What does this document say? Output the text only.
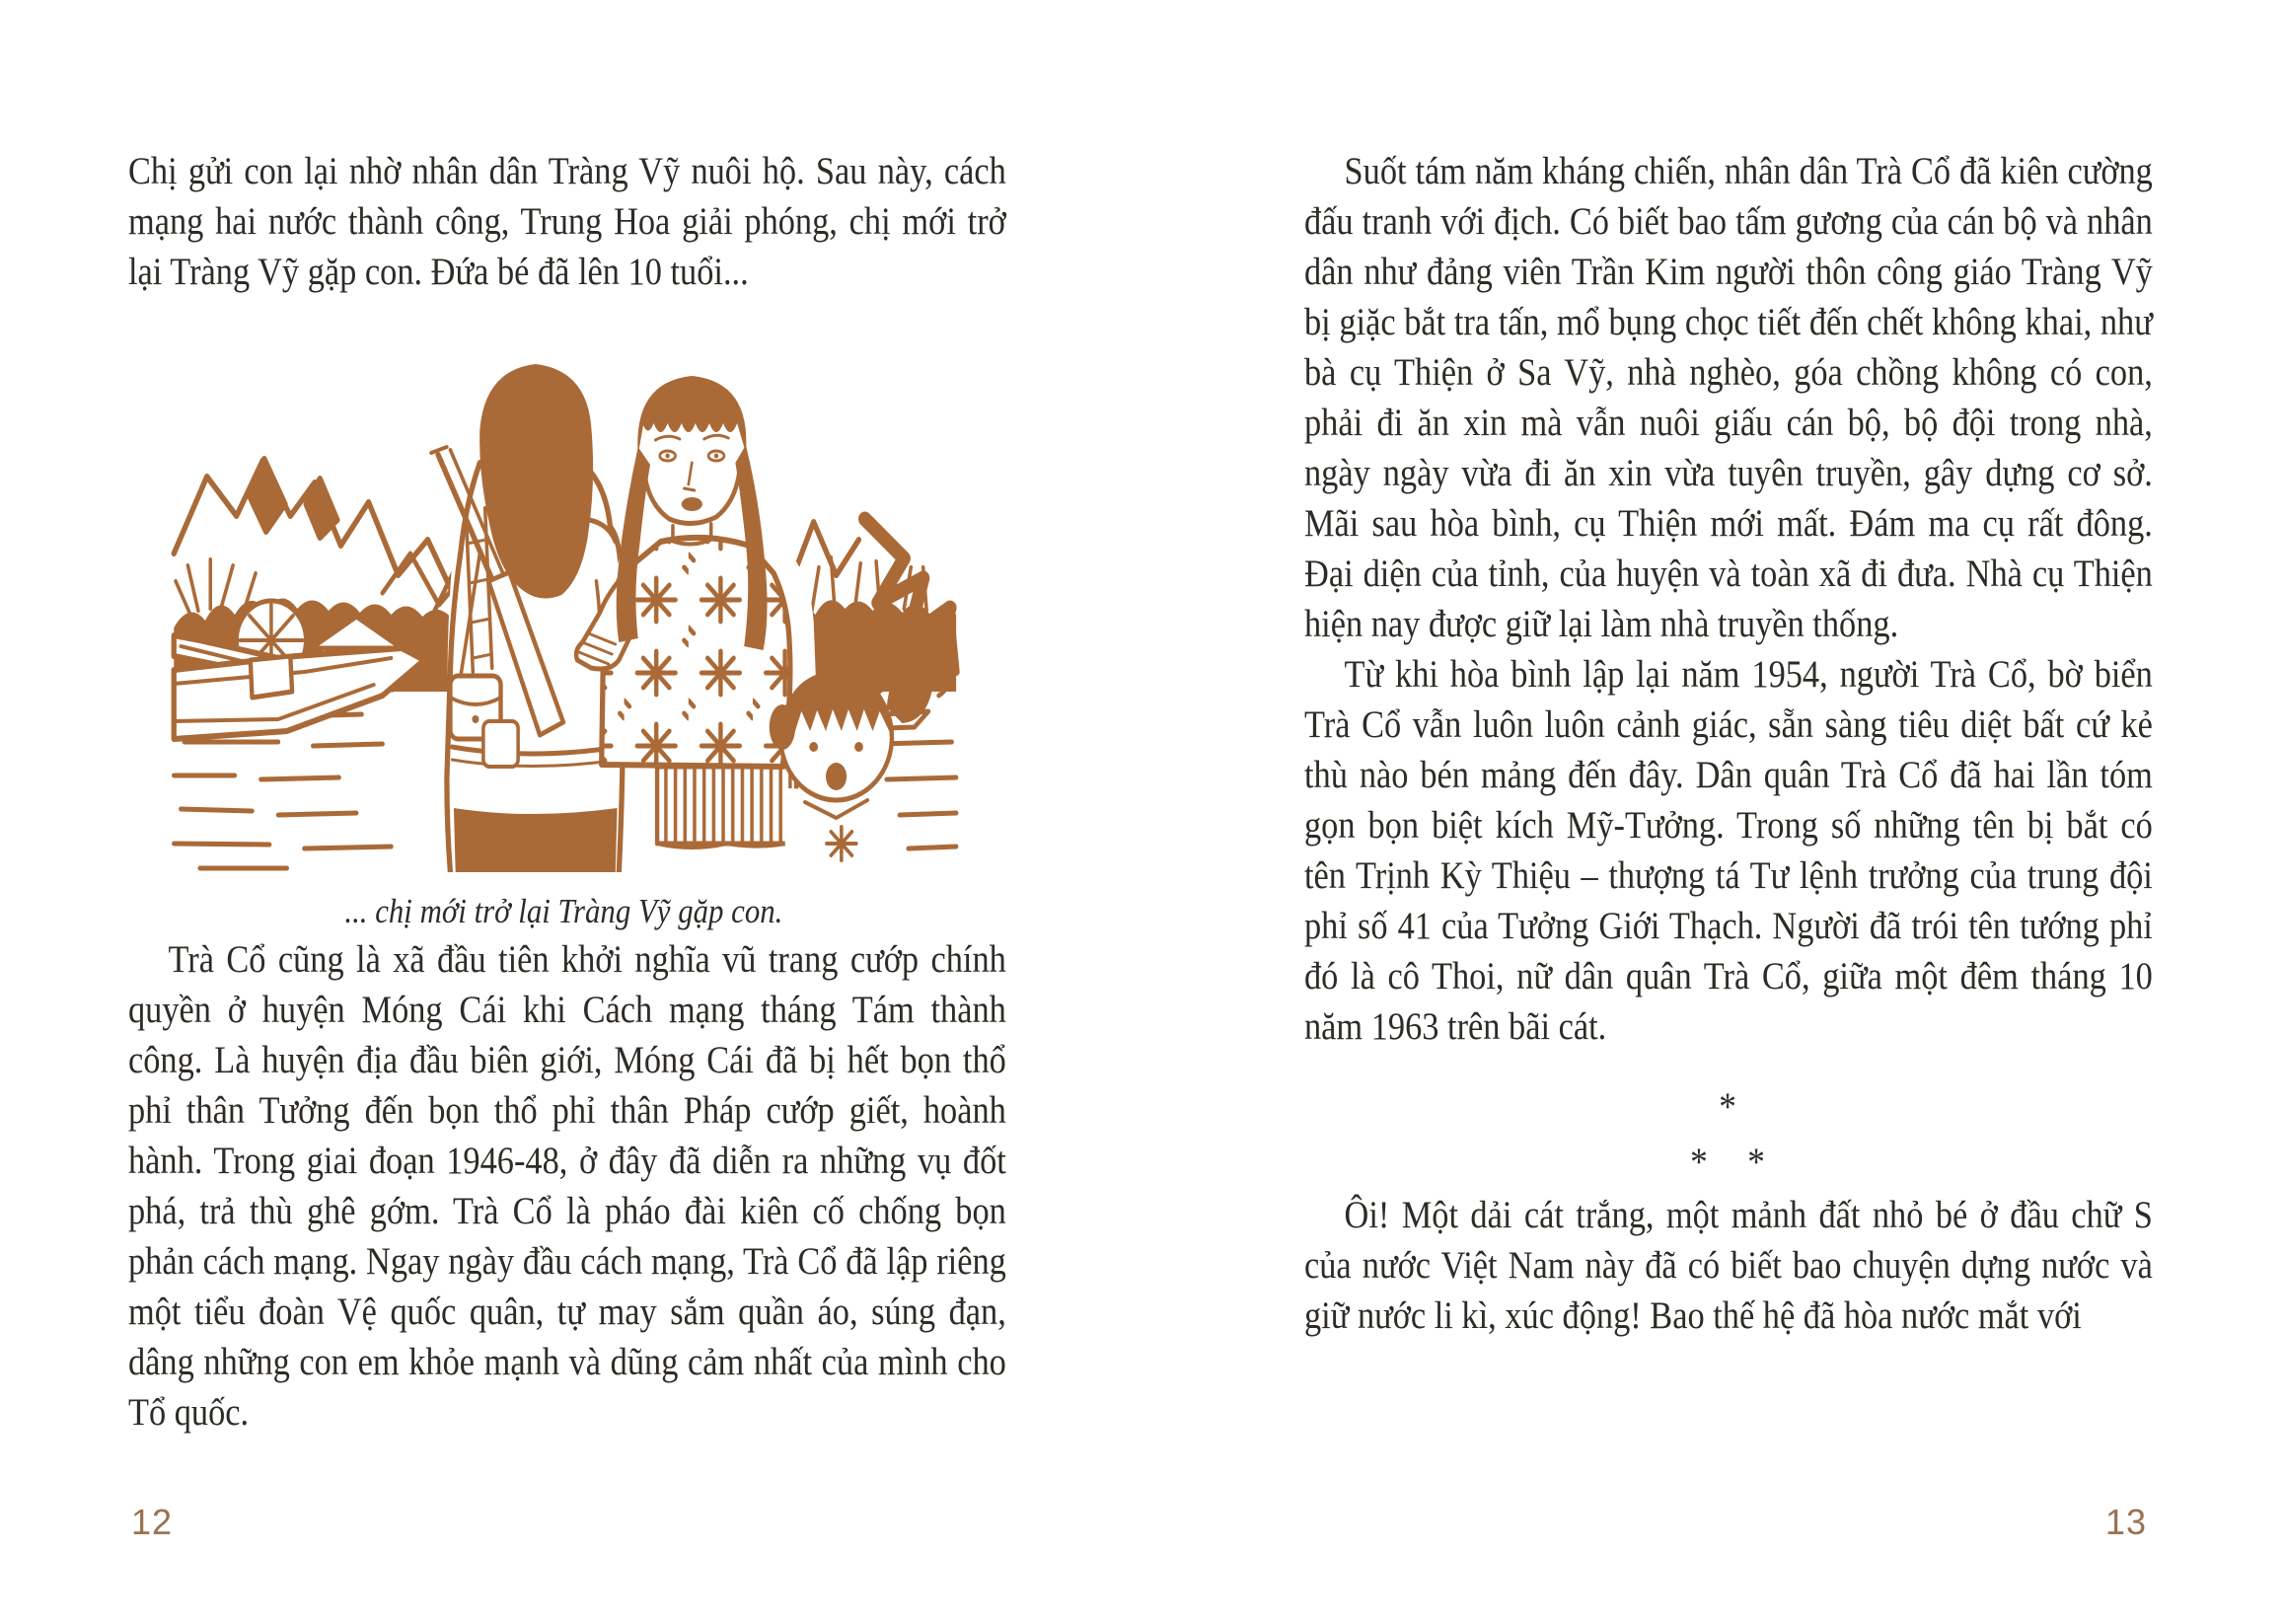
Chị gửi con lại nhờ nhân dân Tràng Vỹ nuôi hộ. Sau này, cách mạng hai nước thành công, Trung Hoa giải phóng, chị mới trở lại Tràng Vỹ gặp con. Đứa bé đã lên 10 tuổi...

... chị mới trở lại Tràng Vỹ gặp con.

Trà Cổ cũng là xã đầu tiên khởi nghĩa vũ trang cướp chính quyền ở huyện Móng Cái khi Cách mạng tháng Tám thành công. Là huyện địa đầu biên giới, Móng Cái đã bị hết bọn thổ phỉ thân Tưởng đến bọn thổ phỉ thân Pháp cướp giết, hoành hành. Trong giai đoạn 1946-48, ở đây đã diễn ra những vụ đốt phá, trả thù ghê gớm. Trà Cổ là pháo đài kiên cố chống bọn phản cách mạng. Ngay ngày đầu cách mạng, Trà Cổ đã lập riêng một tiểu đoàn Vệ quốc quân, tự may sắm quần áo, súng đạn, dâng những con em khỏe mạnh và dũng cảm nhất của mình cho Tổ quốc.

Suốt tám năm kháng chiến, nhân dân Trà Cổ đã kiên cường đấu tranh với địch. Có biết bao tấm gương của cán bộ và nhân dân như đảng viên Trần Kim người thôn công giáo Tràng Vỹ bị giặc bắt tra tấn, mổ bụng chọc tiết đến chết không khai, như bà cụ Thiện ở Sa Vỹ, nhà nghèo, góa chồng không có con, phải đi ăn xin mà vẫn nuôi giấu cán bộ, bộ đội trong nhà, ngày ngày vừa đi ăn xin vừa tuyên truyền, gây dựng cơ sở. Mãi sau hòa bình, cụ Thiện mới mất. Đám ma cụ rất đông. Đại diện của tỉnh, của huyện và toàn xã đi đưa. Nhà cụ Thiện hiện nay được giữ lại làm nhà truyền thống.

Từ khi hòa bình lập lại năm 1954, người Trà Cổ, bờ biển Trà Cổ vẫn luôn luôn cảnh giác, sẵn sàng tiêu diệt bất cứ kẻ thù nào bén mảng đến đây. Dân quân Trà Cổ đã hai lần tóm gọn bọn biệt kích Mỹ-Tưởng. Trong số những tên bị bắt có tên Trịnh Kỳ Thiệu – thượng tá Tư lệnh trưởng của trung đội phỉ số 41 của Tưởng Giới Thạch. Người đã trói tên tướng phỉ đó là cô Thoi, nữ dân quân Trà Cổ, giữa một đêm tháng 10 năm 1963 trên bãi cát.

*
*  *

Ôi! Một dải cát trắng, một mảnh đất nhỏ bé ở đầu chữ S của nước Việt Nam này đã có biết bao chuyện dựng nước và giữ nước li kì, xúc động! Bao thế hệ đã hòa nước mắt với

12	13
